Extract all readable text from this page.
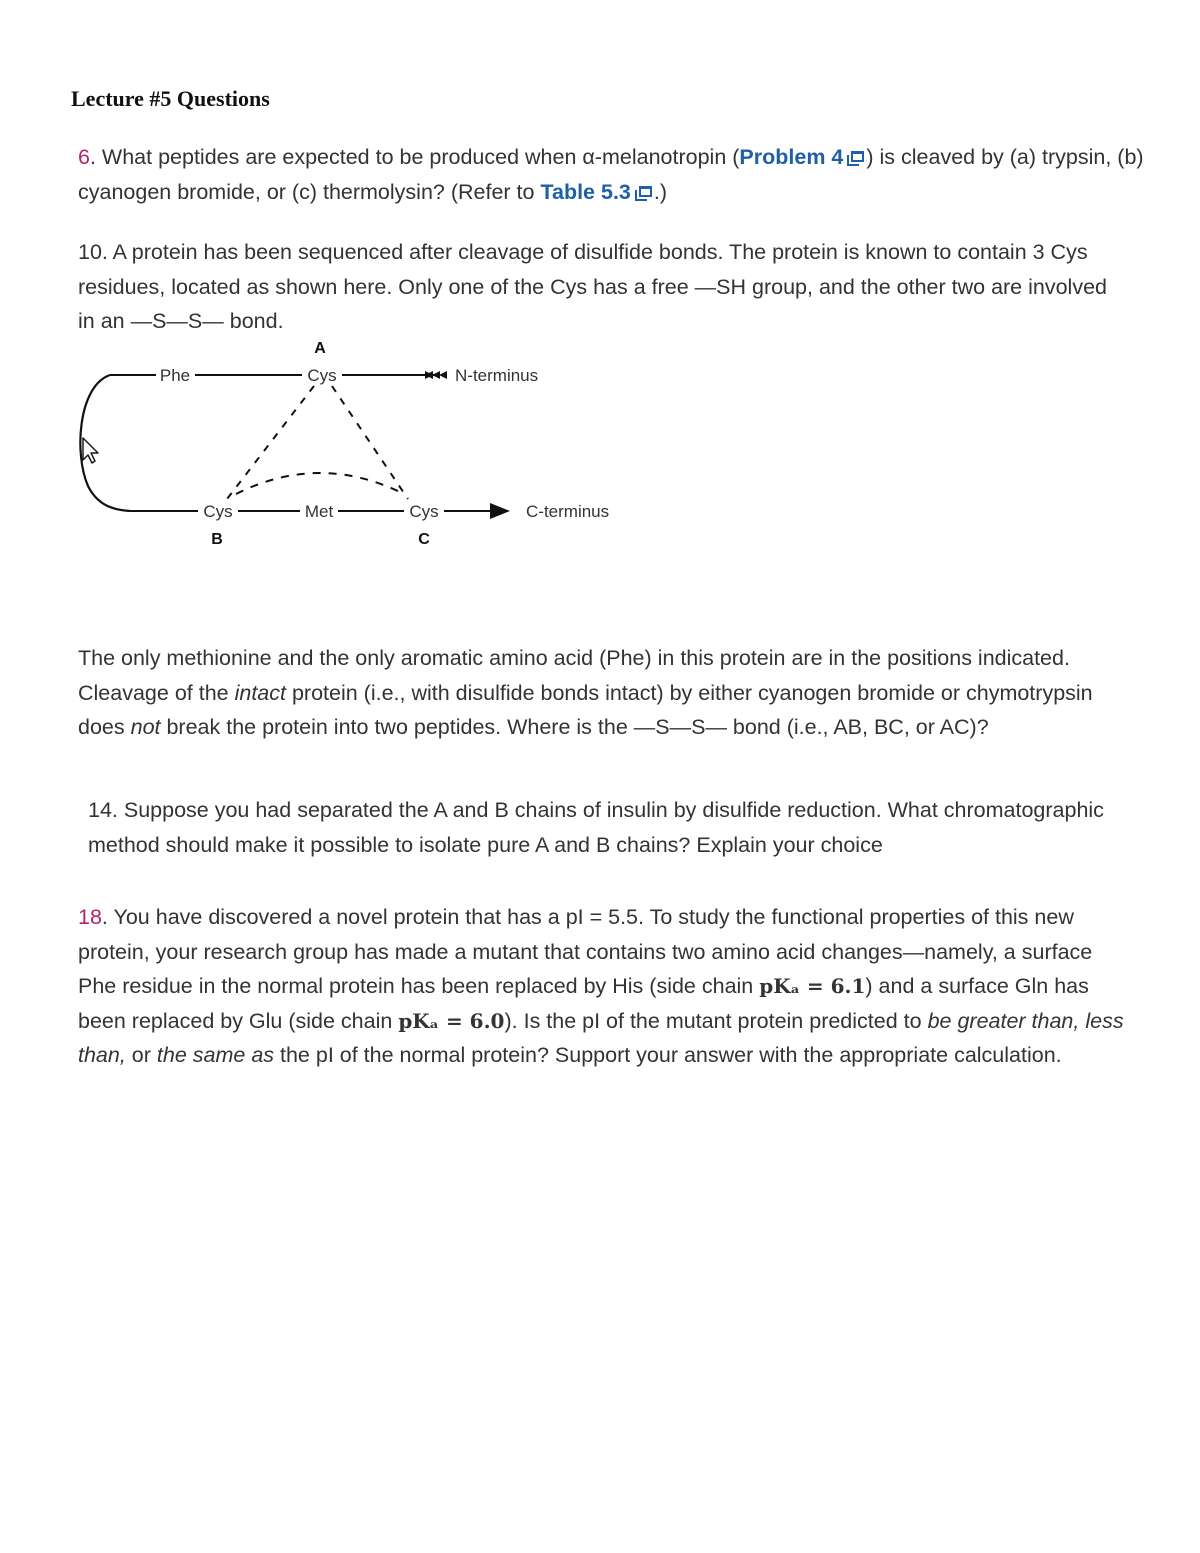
Lecture #5 Questions

6. What peptides are expected to be produced when α-melanotropin (Problem 4 ) is cleaved by (a) trypsin, (b) cyanogen bromide, or (c) thermolysin? (Refer to Table 5.3 .)

10. A protein has been sequenced after cleavage of disulfide bonds. The protein is known to contain 3 Cys residues, located as shown here. Only one of the Cys has a free —SH group, and the other two are involved in an —S—S— bond.

A
Phe	Cys	N-terminus
Cys	Met	Cys	C-terminus
B	C

The only methionine and the only aromatic amino acid (Phe) in this protein are in the positions indicated. Cleavage of the intact protein (i.e., with disulfide bonds intact) by either cyanogen bromide or chymotrypsin does not break the protein into two peptides. Where is the —S—S— bond (i.e., AB, BC, or AC)?

14. Suppose you had separated the A and B chains of insulin by disulfide reduction. What chromatographic method should make it possible to isolate pure A and B chains? Explain your choice

18. You have discovered a novel protein that has a pI = 5.5. To study the functional properties of this new protein, your research group has made a mutant that contains two amino acid changes—namely, a surface Phe residue in the normal protein has been replaced by His (side chain pKₐ = 6.1) and a surface Gln has been replaced by Glu (side chain pKₐ = 6.0). Is the pI of the mutant protein predicted to be greater than, less than, or the same as the pI of the normal protein? Support your answer with the appropriate calculation.
